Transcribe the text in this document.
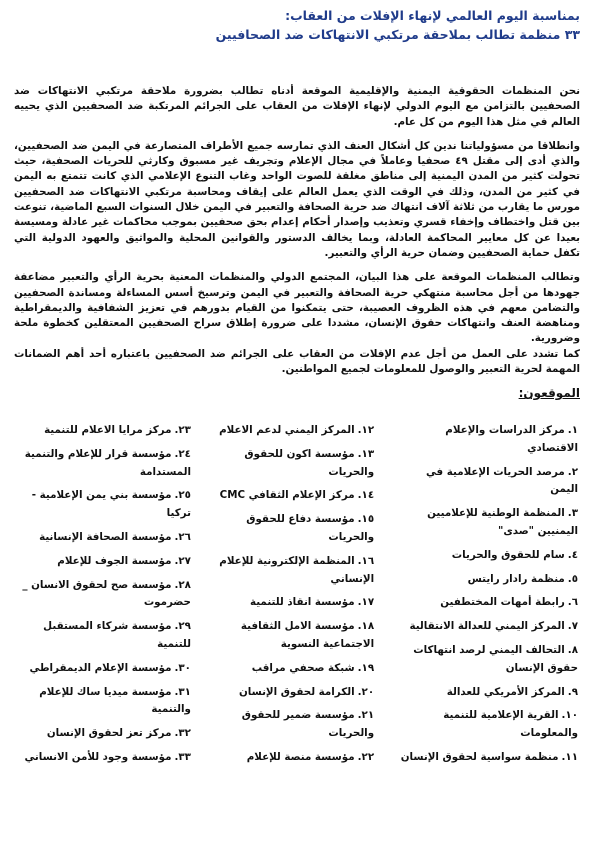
بمناسبة اليوم العالمي لإنهاء الإفلات من العقاب:
٣٣ منظمة تطالب بملاحقة مرتكبي الانتهاكات ضد الصحافيين

نحن المنظمات الحقوقية اليمنية والإقليمية الموقعة أدناه تطالب بضرورة ملاحقة مرتكبي الانتهاكات ضد الصحفيين بالتزامن مع اليوم الدولي لإنهاء الإفلات من العقاب على الجرائم المرتكبة ضد الصحفيين الذي يحييه العالم في مثل هذا اليوم من كل عام.

وانطلاقا من مسؤولياتنا ندين كل أشكال العنف الذي تمارسه جميع الأطراف المتصارعة في اليمن ضد الصحفيين، والذي أدى إلى مقتل ٤٩ صحفيا وعاملاً في مجال الإعلام وتجريف غير مسبوق وكارثي للحريات الصحفية، حيث تحولت كثير من المدن اليمنية إلى مناطق مغلقة للصوت الواحد وغاب التنوع الإعلامي الذي كانت تتمتع به اليمن في كثير من المدن، وذلك في الوقت الذي يعمل العالم على إيقاف ومحاسبة مرتكبي الانتهاكات ضد الصحفيين مورس ما يقارب من ثلاثة آلاف انتهاك ضد حرية الصحافة والتعبير في اليمن خلال السنوات السبع الماضية، تنوعت بين قتل واختطاف وإخفاء قسري وتعذيب وإصدار أحكام إعدام بحق صحفيين بموجب محاكمات غير عادلة ومسيسة بعيدا عن كل معايير المحاكمة العادلة، وبما يخالف الدستور والقوانين المحلية والمواثيق والعهود الدولية التي تكفل حماية الصحفيين وضمان حرية الرأي والتعبير.

وتطالب المنظمات الموقعة على هذا البيان، المجتمع الدولي والمنظمات المعنية بحرية الرأي والتعبير مضاعفة جهودها من أجل محاسبة منتهكي حرية الصحافة والتعبير في اليمن وترسيخ أسس المساءلة ومساندة الصحفيين والتضامن معهم في هذه الظروف العصيبة، حتى يتمكنوا من القيام بدورهم في تعزيز الشفافية والديمقراطية ومناهضة العنف وانتهاكات حقوق الإنسان، مشددا على ضرورة إطلاق سراح الصحفيين المعتقلين كخطوة ملحة وضرورية.

كما تشدد على العمل من أجل عدم الإفلات من العقاب على الجرائم ضد الصحفيين باعتباره أحد أهم الضمانات المهمة لحرية التعبير والوصول للمعلومات لجميع المواطنين.

الموقعون:
١.مركز الدراسات والإعلام الاقتصادي
٢.مرصد الحريات الإعلامية في اليمن
٣.المنظمة الوطنية للإعلاميين اليمنيين "صدى"
٤.سام للحقوق والحريات
٥.منظمة رادار رايتس
٦.رابطة أمهات المختطفين
٧.المركز اليمني للعدالة الانتقالية
٨.التحالف اليمني لرصد انتهاكات حقوق الإنسان
٩.المركز الأمريكي للعدالة
١٠.القرية الإعلامية للتنمية والمعلومات
١١.منظمة سواسية لحقوق الإنسان
١٢.المركز اليمني لدعم الاعلام
١٣.مؤسسة اكون للحقوق والحريات
١٤.مركز الإعلام الثقافي CMC
١٥.مؤسسة دفاع للحقوق والحريات
١٦.المنظمة الإلكترونية للإعلام الإنساني
١٧.مؤسسة انقاذ للتنمية
١٨.مؤسسة الامل الثقافية الاجتماعية النسوية
١٩.شبكة صحفي مراقب
٢٠.الكرامة لحقوق الإنسان
٢١.مؤسسة ضمير للحقوق والحريات
٢٢.مؤسسة منصة للإعلام
٢٣.مركز مرايا الاعلام للتنمية
٢٤.مؤسسة قرار للإعلام والتنمية المستدامة
٢٥.مؤسسة بني يمن الإعلامية - تركيا
٢٦.مؤسسة الصحافة الإنسانية
٢٧.مؤسسة الجوف للإعلام
٢٨.مؤسسة صح لحقوق الانسان _ حضرموت
٢٩.مؤسسة شركاء المستقبل للتنمية
٣٠.مؤسسة الإعلام الديمقراطي
٣١.مؤسسة ميديا ساك للإعلام والتنمية
٣٢.مركز تعز لحقوق الإنسان
٣٣.مؤسسة وجود للأمن الانساني
